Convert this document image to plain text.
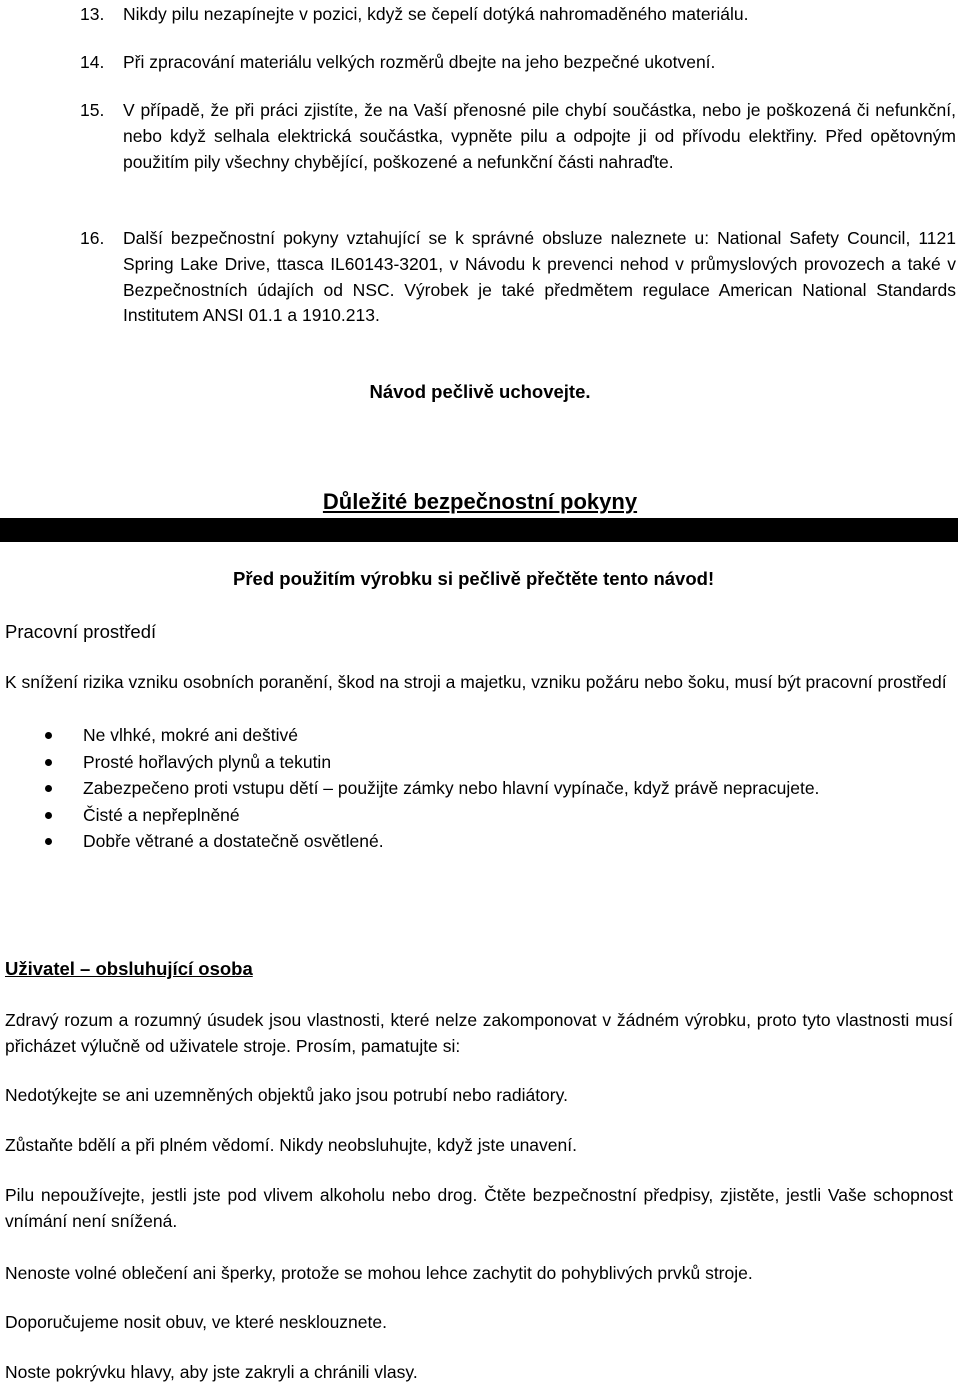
13. Nikdy pilu nezapínejte v pozici, když se čepelí dotýká nahromaděného materiálu.
14. Při zpracování materiálu velkých rozměrů dbejte na jeho bezpečné ukotvení.
15. V případě, že při práci zjistíte, že na Vaší přenosné pile chybí součástka, nebo je poškozená či nefunkční, nebo když selhala elektrická součástka, vypněte pilu a odpojte ji od přívodu elektřiny. Před opětovným použitím pily všechny chybějící, poškozené a nefunkční části nahraďte.
16. Další bezpečnostní pokyny vztahující se k správné obsluze naleznete u: National Safety Council, 1121 Spring Lake Drive, ttasca IL60143-3201, v Návodu k prevenci nehod v průmyslových provozech a také v Bezpečnostních údajích od NSC. Výrobek je také předmětem regulace American National Standards Institutem ANSI 01.1 a 1910.213.

Návod pečlivě uchovejte.

Důležité bezpečnostní pokyny

Před použitím výrobku si pečlivě přečtěte tento návod!

Pracovní prostředí

K snížení rizika vzniku osobních poranění, škod na stroji a majetku, vzniku požáru nebo šoku, musí být pracovní prostředí

Ne vlhké, mokré ani deštivé
Prosté hořlavých plynů a tekutin
Zabezpečeno proti vstupu dětí – použijte zámky nebo hlavní vypínače, když právě nepracujete.
Čisté a nepřeplněné
Dobře větrané a dostatečně osvětlené.

Uživatel – obsluhující osoba

Zdravý rozum a rozumný úsudek jsou vlastnosti, které nelze zakomponovat v žádném výrobku, proto tyto vlastnosti musí přicházet výlučně od uživatele stroje. Prosím, pamatujte si:

Nedotýkejte se ani uzemněných objektů jako jsou potrubí nebo radiátory.

Zůstaňte bdělí a při plném vědomí. Nikdy neobsluhujte, když jste unavení.

Pilu nepoužívejte, jestli jste pod vlivem alkoholu nebo drog. Čtěte bezpečnostní předpisy, zjistěte, jestli Vaše schopnost vnímání není snížená.

Nenoste volné oblečení ani šperky, protože se mohou lehce zachytit do pohyblivých prvků stroje.

Doporučujeme nosit obuv, ve které nesklouznete.

Noste pokrývku hlavy, aby jste zakryli a chránili vlasy.
